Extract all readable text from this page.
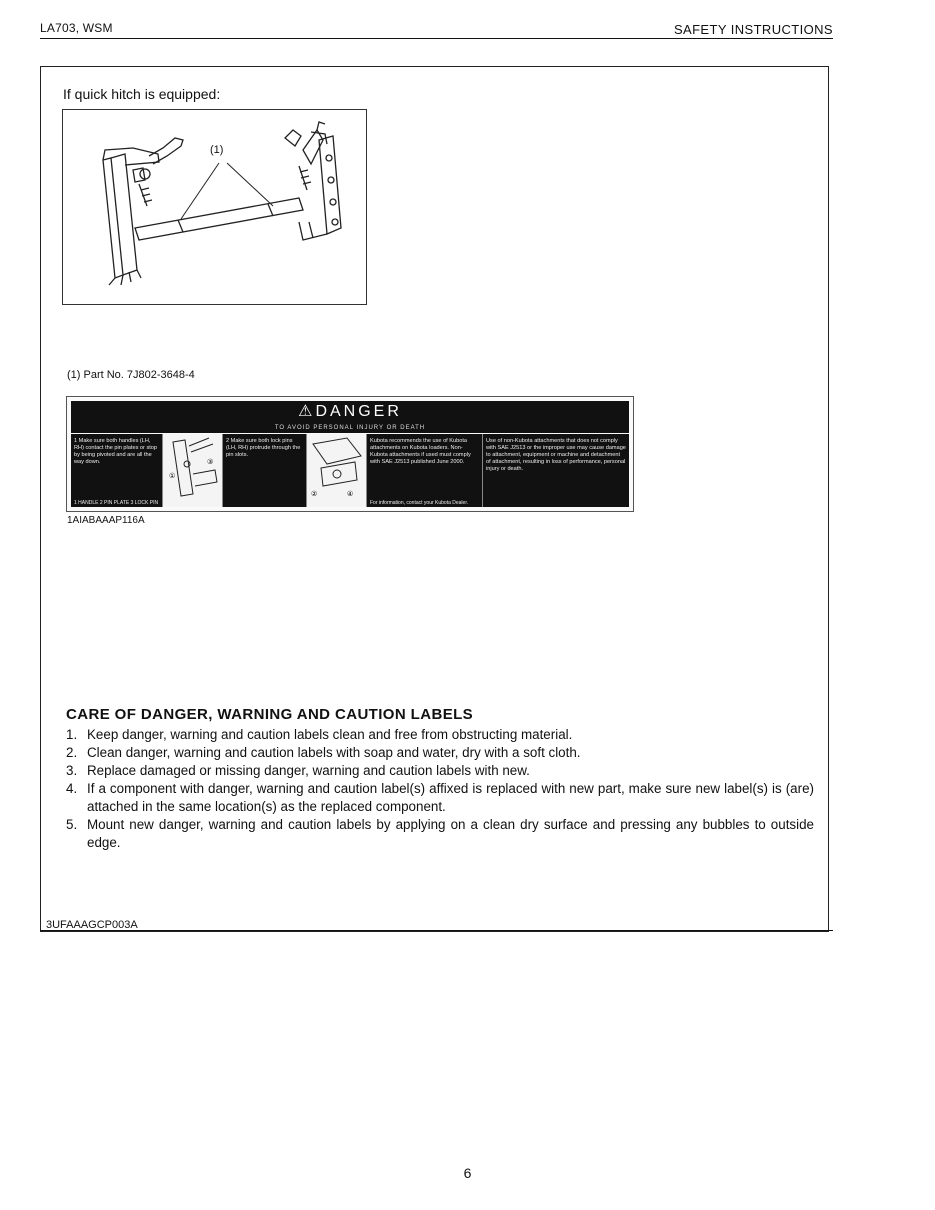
LA703, WSM	SAFETY INSTRUCTIONS
If quick hitch is equipped:
(1)
(1) Part No. 7J802-3648-4
⚠DANGER
TO AVOID PERSONAL INJURY OR DEATH
1 Make sure both handles (LH, RH) contact the pin plates or stop by being pivoted and are all the way down.
1 HANDLE 2 PIN PLATE 3 LOCK PIN
①
③
2 Make sure both lock pins (LH, RH) protrude through the pin slots.
②	④
Kubota recommends the use of Kubota attachments on Kubota loaders. Non-Kubota attachments if used must comply with SAE J2513 published June 2000.
For information, contact your Kubota Dealer.
Use of non-Kubota attachments that does not comply with SAE J2513 or the improper use may cause damage to attachment, equipment or machine and detachment of attachment, resulting in loss of performance, personal injury or death.
1AIABAAAP116A
CARE OF DANGER, WARNING AND CAUTION LABELS
1. Keep danger, warning and caution labels clean and free from obstructing material.
2. Clean danger, warning and caution labels with soap and water, dry with a soft cloth.
3. Replace damaged or missing danger, warning and caution labels with new.
4. If a component with danger, warning and caution label(s) affixed is replaced with new part, make sure new label(s) is (are) attached in the same location(s) as the replaced component.
5. Mount new danger, warning and caution labels by applying on a clean dry surface and pressing any bubbles to outside edge.
3UFAAAGCP003A
6
